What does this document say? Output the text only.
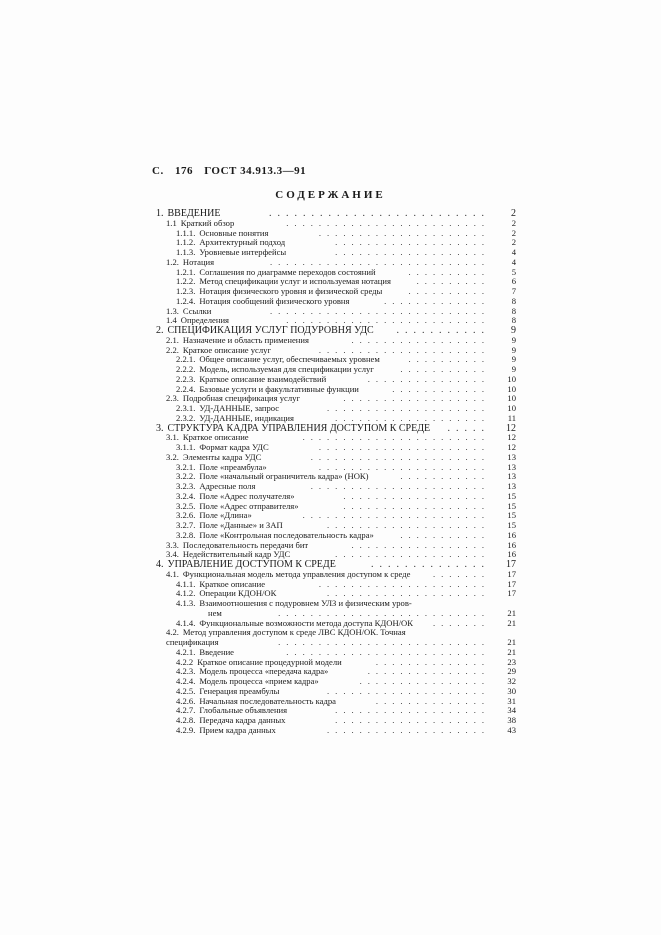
С. 176 ГОСТ 34.913.3—91
СОДЕРЖАНИЕ
1. ВВЕДЕНИЕ	..........................	2
1.1 Краткий обзор	.........................	2
1.1.1. Основные понятия	.....................	2
1.1.2. Архитектурный подход	...................	2
1.1.3. Уровневые интерфейсы	...................	4
1.2. Нотация	...........................	4
1.2.1. Соглашения по диаграмме переходов состояний	..........	5
1.2.2. Метод спецификации услуг и используемая нотация	.........	6
1.2.3. Нотация физического уровня и физической среды	..........	7
1.2.4. Нотация сообщений физического уровня	.............	8
1.3. Ссылки	...........................	8
1.4 Определения	.........................	8
2. СПЕЦИФИКАЦИЯ УСЛУГ ПОДУРОВНЯ УДС	...........	9
2.1. Назначение и область применения	.................	9
2.2. Краткое описание услуг	.....................	9
2.2.1. Общее описание услуг, обеспечиваемых уровнем	..........	9
2.2.2. Модель, используемая для спецификации услуг	...........	9
2.2.3. Краткое описание взаимодействий	...............	10
2.2.4. Базовые услуги и факультативные функции	............	10
2.3. Подробная спецификация услуг	..................	10
2.3.1. УД-ДАННЫЕ, запрос	....................	10
2.3.2. УД-ДАННЫЕ, индикация	...................	11
3. СТРУКТУРА КАДРА УПРАВЛЕНИЯ ДОСТУПОМ К СРЕДЕ	.....	12
3.1. Краткое описание	.......................	12
3.1.1. Формат кадра УДС	.....................	12
3.2. Элементы кадра УДС	......................	13
3.2.1. Поле «преамбула»	.....................	13
3.2.2. Поле «начальный ограничитель кадра» (НОК)	...........	13
3.2.3. Адресные поля	......................	13
3.2.4. Поле «Адрес получателя»	..................	15
3.2.5. Поле «Адрес отправителя»	..................	15
3.2.6. Поле «Длина»	.......................	15
3.2.7. Поле «Данные» и ЗАП	....................	15
3.2.8. Поле «Контрольная последовательность кадра»	...........	16
3.3. Последовательность передачи бит	.................	16
3.4. Недействительный кадр УДС	...................	16
4. УПРАВЛЕНИЕ ДОСТУПОМ К СРЕДЕ	..............	17
4.1. Функциональная модель метода управления доступом к среде	.......	17
4.1.1. Краткое описание	.....................	17
4.1.2. Операции КДОН/ОК	....................	17
4.1.3. Взаимоотношения с подуровнем УЛЗ и физическим уров-
нем	..........................	21
4.1.4. Функциональные возможности метода доступа КДОН/ОК	.......	21
4.2. Метод управления доступом к среде ЛВС КДОН/ОК. Точная
спецификация	..........................	21
4.2.1. Введение	.........................	21
4.2.2 Краткое описание процедурной модели	..............	23
4.2.3. Модель процесса «передача кадра»	...............	29
4.2.4. Модель процесса «прием кадра»	................	32
4.2.5. Генерация преамбулы	....................	30
4.2.6. Начальная последовательность кадра	..............	31
4.2.7. Глобальные объявления	...................	34
4.2.8. Передача кадра данных	...................	38
4.2.9. Прием кадра данных	....................	43
